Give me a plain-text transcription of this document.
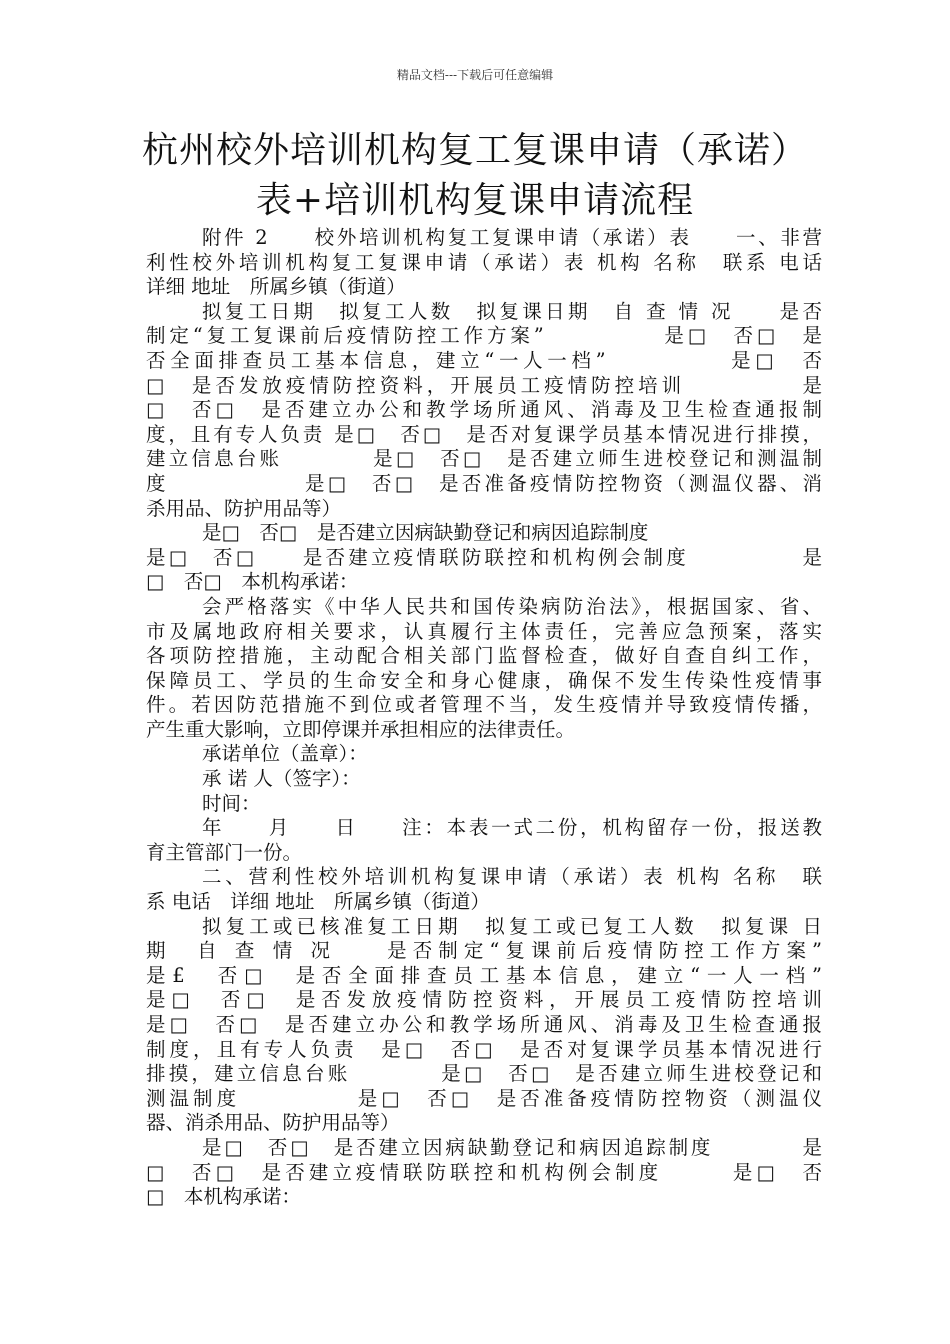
精品文档---下载后可任意编辑
杭州校外培训机构复工复课申请（承诺）
表+培训机构复课申请流程
附件 2　　校外培训机构复工复课申请（承诺）表　　一、非营
利性校外培训机构复工复课申请（承诺）表 机构 名称　联系 电话
详细 地址　所属乡镇（街道）
拟复工日期　拟复工人数　拟复课日期　自 查 情 况　　是否
制定“复工复课前后疫情防控工作方案”　　　　　是□　否□　是
否全面排查员工基本信息，建立“一人一档”　　　　　是□　否
□　是否发放疫情防控资料，开展员工疫情防控培训　　　　　是
□　否□　是否建立办公和教学场所通风、消毒及卫生检查通报制
度，且有专人负责 是□　否□　是否对复课学员基本情况进行排摸，
建立信息台账　　　　是□　否□　是否建立师生进校登记和测温制
度　　　　　　是□　否□　是否准备疫情防控物资（测温仪器、消
杀用品、防护用品等）
是□　否□　是否建立因病缺勤登记和病因追踪制度
是□　否□　　是否建立疫情联防联控和机构例会制度　　　　　是
□　否□　本机构承诺：
会严格落实《中华人民共和国传染病防治法》，根据国家、省、
市及属地政府相关要求，认真履行主体责任，完善应急预案，落实
各项防控措施，主动配合相关部门监督检查，做好自查自纠工作，
保障员工、学员的生命安全和身心健康，确保不发生传染性疫情事
件。若因防范措施不到位或者管理不当，发生疫情并导致疫情传播，
产生重大影响，立即停课并承担相应的法律责任。
承诺单位（盖章）：
承 诺 人（签字）：
时间：
年　　月　　日　　注：本表一式二份，机构留存一份，报送教
育主管部门一份。
二、营利性校外培训机构复课申请（承诺）表 机构 名称　联
系 电话　详细 地址　所属乡镇（街道）
拟复工或已核准复工日期　拟复工或已复工人数　拟复课 日
期　自 查 情 况　　是否制定“复课前后疫情防控工作方案”
是£　否□　是否全面排查员工基本信息，建立“一人一档”
是□　否□　是否发放疫情防控资料，开展员工疫情防控培训
是□　否□　是否建立办公和教学场所通风、消毒及卫生检查通报
制度，且有专人负责　是□　否□　是否对复课学员基本情况进行
排摸，建立信息台账　　　　是□　否□　是否建立师生进校登记和
测温制度　　　　　是□　否□　是否准备疫情防控物资（测温仪
器、消杀用品、防护用品等）
是□　否□　是否建立因病缺勤登记和病因追踪制度　　　　是
□　否□　是否建立疫情联防联控和机构例会制度　　　是□　否
□　本机构承诺：
